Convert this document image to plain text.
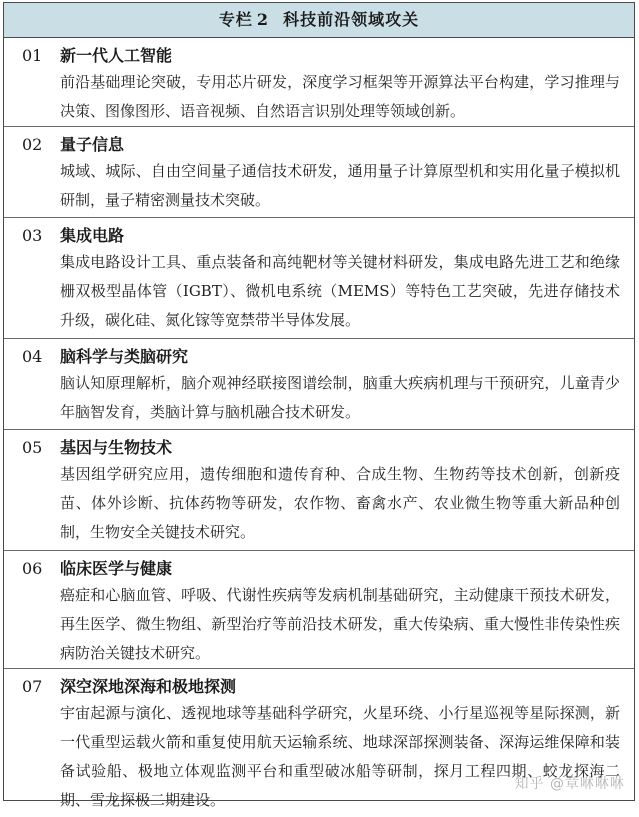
专栏 2 科技前沿领域攻关
01 新一代人工智能
前沿基础理论突破，专用芯片研发，深度学习框架等开源算法平台构建，学习推理与决策、图像图形、语音视频、自然语言识别处理等领域创新。
02 量子信息
城域、城际、自由空间量子通信技术研发，通用量子计算原型机和实用化量子模拟机研制，量子精密测量技术突破。
03 集成电路
集成电路设计工具、重点装备和高纯靶材等关键材料研发，集成电路先进工艺和绝缘栅双极型晶体管（IGBT）、微机电系统（MEMS）等特色工艺突破，先进存储技术升级，碳化硅、氮化镓等宽禁带半导体发展。
04 脑科学与类脑研究
脑认知原理解析，脑介观神经联接图谱绘制，脑重大疾病机理与干预研究，儿童青少年脑智发育，类脑计算与脑机融合技术研发。
05 基因与生物技术
基因组学研究应用，遗传细胞和遗传育种、合成生物、生物药等技术创新，创新疫苗、体外诊断、抗体药物等研发，农作物、畜禽水产、农业微生物等重大新品种创制，生物安全关键技术研究。
06 临床医学与健康
癌症和心脑血管、呼吸、代谢性疾病等发病机制基础研究，主动健康干预技术研发，再生医学、微生物组、新型治疗等前沿技术研发，重大传染病、重大慢性非传染性疾病防治关键技术研究。
07 深空深地深海和极地探测
宇宙起源与演化、透视地球等基础科学研究，火星环绕、小行星巡视等星际探测，新一代重型运载火箭和重复使用航天运输系统、地球深部探测装备、深海运维保障和装备试验船、极地立体观监测平台和重型破冰船等研制，探月工程四期、蛟龙探海二期、雪龙探极二期建设。
知乎 @章咻咻咻
